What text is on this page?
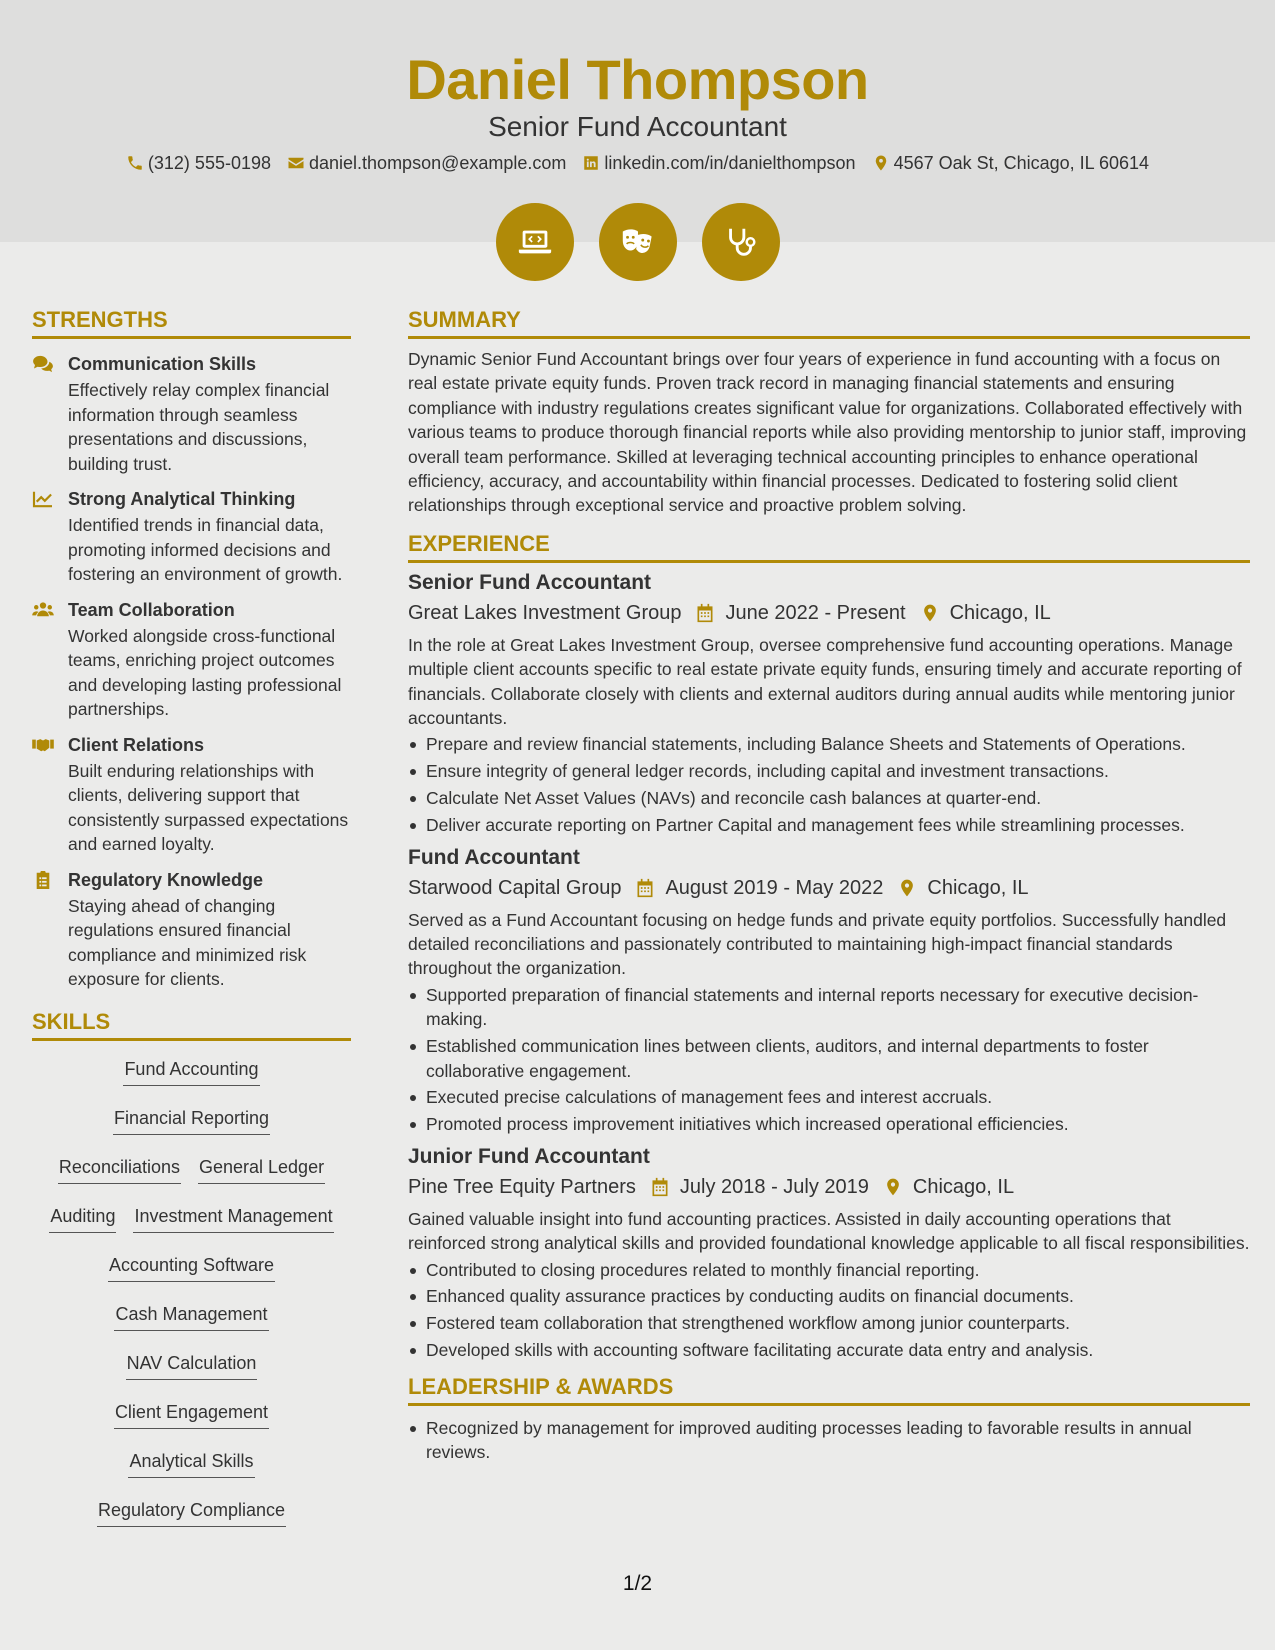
Daniel Thompson
Senior Fund Accountant
(312) 555-0198 daniel.thompson@example.com linkedin.com/in/danielthompson 4567 Oak St, Chicago, IL 60614
STRENGTHS
Communication Skills

Effectively relay complex financial information through seamless presentations and discussions, building trust.

Strong Analytical Thinking

Identified trends in financial data, promoting informed decisions and fostering an environment of growth.

Team Collaboration

Worked alongside cross-functional teams, enriching project outcomes and developing lasting professional partnerships.

Client Relations

Built enduring relationships with clients, delivering support that consistently surpassed expectations and earned loyalty.

Regulatory Knowledge

Staying ahead of changing regulations ensured financial compliance and minimized risk exposure for clients.

SKILLS
Fund Accounting
Financial Reporting
Reconciliations General Ledger
Auditing Investment Management
Accounting Software
Cash Management
NAV Calculation
Client Engagement
Analytical Skills
Regulatory Compliance
SUMMARY

Dynamic Senior Fund Accountant brings over four years of experience in fund accounting with a focus on real estate private equity funds. Proven track record in managing financial statements and ensuring compliance with industry regulations creates significant value for organizations. Collaborated effectively with various teams to produce thorough financial reports while also providing mentorship to junior staff, improving overall team performance. Skilled at leveraging technical accounting principles to enhance operational efficiency, accuracy, and accountability within financial processes. Dedicated to fostering solid client relationships through exceptional service and proactive problem solving.

EXPERIENCE
Senior Fund Accountant
Great Lakes Investment Group June 2022 - Present Chicago, IL

In the role at Great Lakes Investment Group, oversee comprehensive fund accounting operations. Manage multiple client accounts specific to real estate private equity funds, ensuring timely and accurate reporting of financials. Collaborate closely with clients and external auditors during annual audits while mentoring junior accountants.

Prepare and review financial statements, including Balance Sheets and Statements of Operations.
Ensure integrity of general ledger records, including capital and investment transactions.
Calculate Net Asset Values (NAVs) and reconcile cash balances at quarter-end.
Deliver accurate reporting on Partner Capital and management fees while streamlining processes.
Fund Accountant
Starwood Capital Group August 2019 - May 2022 Chicago, IL

Served as a Fund Accountant focusing on hedge funds and private equity portfolios. Successfully handled detailed reconciliations and passionately contributed to maintaining high-impact financial standards throughout the organization.

Supported preparation of financial statements and internal reports necessary for executive decision-making.
Established communication lines between clients, auditors, and internal departments to foster collaborative engagement.
Executed precise calculations of management fees and interest accruals.
Promoted process improvement initiatives which increased operational efficiencies.
Junior Fund Accountant
Pine Tree Equity Partners July 2018 - July 2019 Chicago, IL

Gained valuable insight into fund accounting practices. Assisted in daily accounting operations that reinforced strong analytical skills and provided foundational knowledge applicable to all fiscal responsibilities.

Contributed to closing procedures related to monthly financial reporting.
Enhanced quality assurance practices by conducting audits on financial documents.
Fostered team collaboration that strengthened workflow among junior counterparts.
Developed skills with accounting software facilitating accurate data entry and analysis.
LEADERSHIP & AWARDS
Recognized by management for improved auditing processes leading to favorable results in annual reviews.
1/2
